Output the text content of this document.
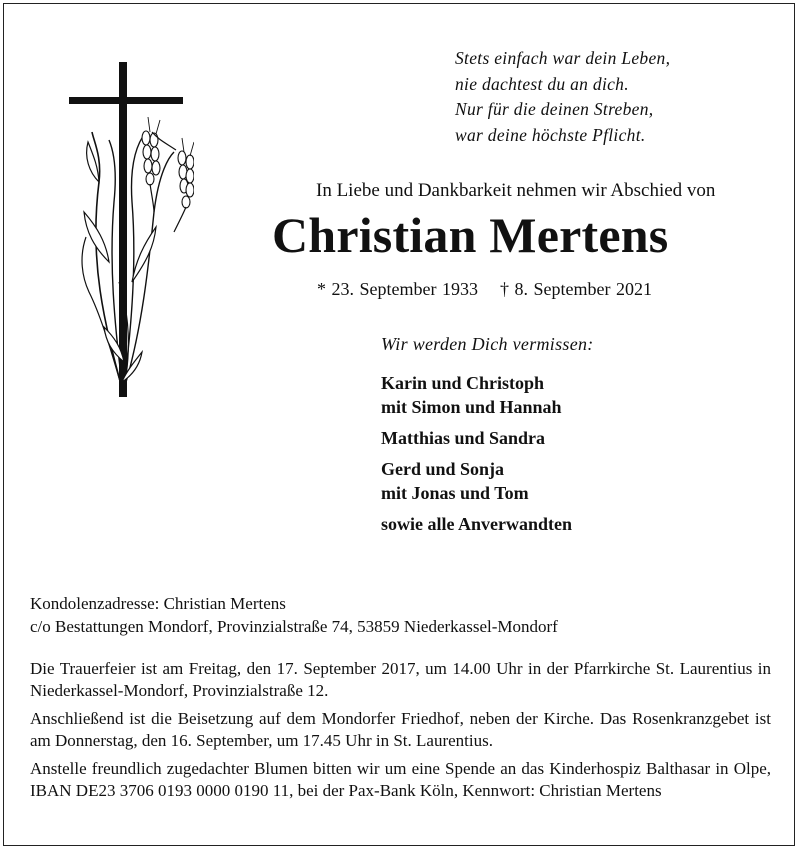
Stets einfach war dein Leben,
nie dachtest du an dich.
Nur für die deinen Streben,
war deine höchste Pflicht.
In Liebe und Dankbarkeit nehmen wir Abschied von
Christian Mertens
* 23. September 1933    † 8. September 2021
Wir werden Dich vermissen:
Karin und Christoph
mit Simon und Hannah
Matthias und Sandra
Gerd und Sonja
mit Jonas und Tom
sowie alle Anverwandten
Kondolenzadresse: Christian Mertens
c/o Bestattungen Mondorf, Provinzialstraße 74, 53859 Niederkassel-Mondorf

Die Trauerfeier ist am Freitag, den 17. September 2017, um 14.00 Uhr in der Pfarrkirche St. Laurentius in Niederkassel-Mondorf, Provinzialstraße 12.

Anschließend ist die Beisetzung auf dem Mondorfer Friedhof, neben der Kirche. Das Rosenkranzgebet ist am Donnerstag, den 16. September, um 17.45 Uhr in St. Laurentius.

Anstelle freundlich zugedachter Blumen bitten wir um eine Spende an das Kinderhospiz Balthasar in Olpe, IBAN DE23 3706 0193 0000 0190 11, bei der Pax-Bank Köln, Kennwort: Christian Mertens
